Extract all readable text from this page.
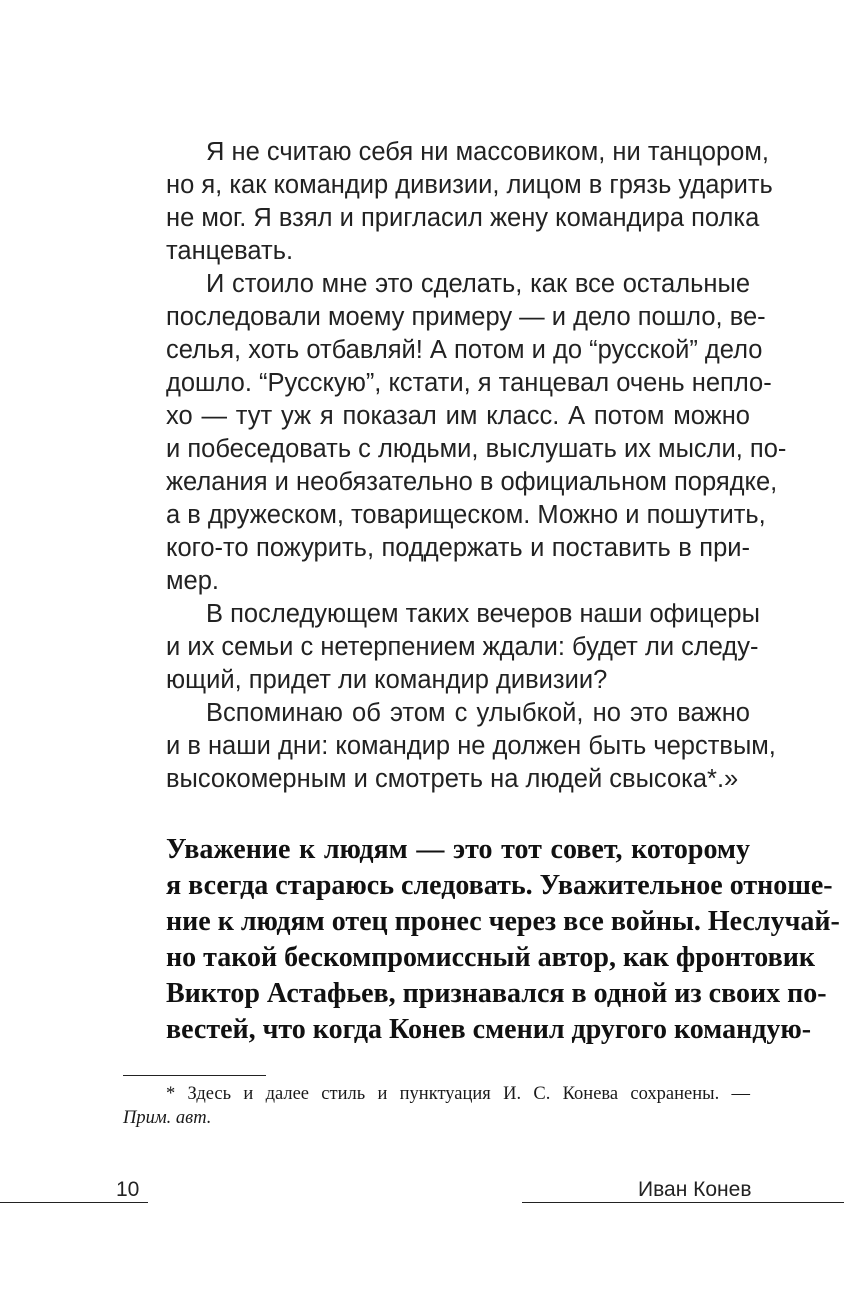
Я не считаю себя ни массовиком, ни танцором,

но я, как командир дивизии, лицом в грязь ударить

не мог. Я взял и пригласил жену командира полка

танцевать.

И стоило мне это сделать, как все остальные

последовали моему примеру — и дело пошло, ве-

селья, хоть отбавляй! А потом и до “русской” дело

дошло. “Русскую”, кстати, я танцевал очень непло-

хо — тут уж я показал им класс. А потом можно

и побеседовать с людьми, выслушать их мысли, по-

желания и необязательно в официальном порядке,

а в дружеском, товарищеском. Можно и пошутить,

кого-то пожурить, поддержать и поставить в при-

мер.

В последующем таких вечеров наши офицеры

и их семьи с нетерпением ждали: будет ли следу-

ющий, придет ли командир дивизии?

Вспоминаю об этом с улыбкой, но это важно

и в наши дни: командир не должен быть черствым,

высокомерным и смотреть на людей свысока*.»

Уважение к людям — это тот совет, которому

я всегда стараюсь следовать. Уважительное отноше-

ние к людям отец пронес через все войны. Неслучай-

но такой бескомпромиссный автор, как фронтовик

Виктор Астафьев, признавался в одной из своих по-

вестей, что когда Конев сменил другого командую-

* Здесь и далее стиль и пунктуация И. С. Конева сохранены. —

Прим. авт.

10	Иван Конев
